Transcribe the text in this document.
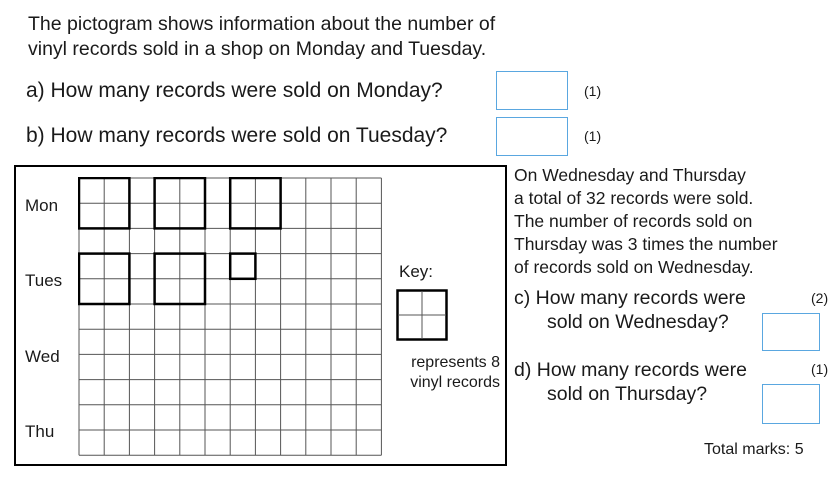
The pictogram shows information about the number of
vinyl records sold in a shop on Monday and Tuesday.
a) How many records were sold on Monday?	(1)
b) How many records were sold on Tuesday?	(1)
Mon
Tues
Wed
Thu
Key:
represents 8
vinyl records
On Wednesday and Thursday
a total of 32 records were sold.
The number of records sold on
Thursday was 3 times the number
of records sold on Wednesday.
c) How many records were
sold on Wednesday?
(2)
d) How many records were
sold on Thursday?
(1)
Total marks: 5
